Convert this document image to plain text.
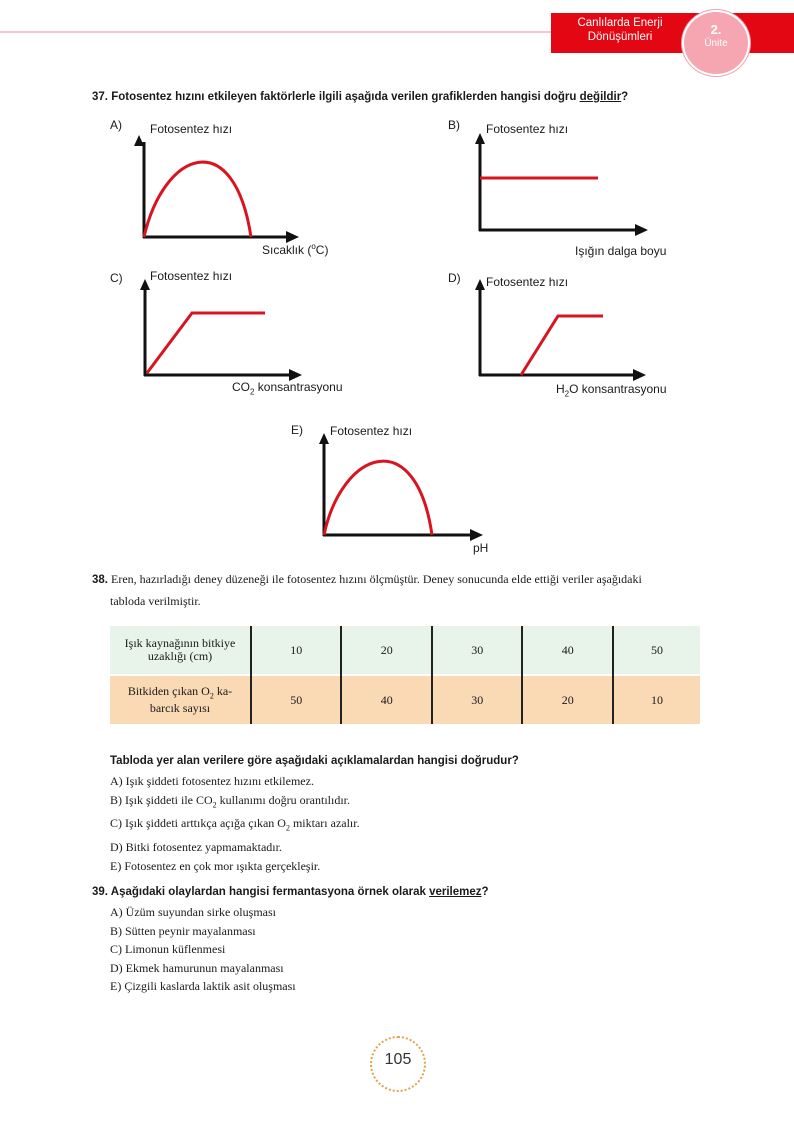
Canlılarda Enerji
Dönüşümleri	2.
Ünite
37. Fotosentez hızını etkileyen faktörlerle ilgili aşağıda verilen grafiklerden hangisi doğru değildir?
A) Fotosentez hızı
Sıcaklık ($^o$C)
B) Fotosentez hızı
Işığın dalga boyu
C) Fotosentez hızı
$CO_2$ konsantrasyonu
D) Fotosentez hızı
$H_2O$ konsantrasyonu
E) Fotosentez hızı
pH
38. Eren, hazırladığı deney düzeneği ile fotosentez hızını ölçmüştür. Deney sonucunda elde ettiği veriler aşağıdaki
tabloda verilmiştir.
Işık kaynağının bitkiye
uzaklığı (cm)	10	20	30	40	50

Bitkiden çıkan $O_2$ ka-
barcık sayısı	50	40	30	20	10
Tabloda yer alan verilere göre aşağıdaki açıklamalardan hangisi doğrudur?
A) Işık şiddeti fotosentez hızını etkilemez.
B) Işık şiddeti ile $CO_2$ kullanımı doğru orantılıdır.
C) Işık şiddeti arttıkça açığa çıkan $O_2$ miktarı azalır.
D) Bitki fotosentez yapmamaktadır.
E) Fotosentez en çok mor ışıkta gerçekleşir.
39. Aşağıdaki olaylardan hangisi fermantasyona örnek olarak verilemez?
A) Üzüm suyundan sirke oluşması
B) Sütten peynir mayalanması
C) Limonun küflenmesi
D) Ekmek hamurunun mayalanması
E) Çizgili kaslarda laktik asit oluşması
105
